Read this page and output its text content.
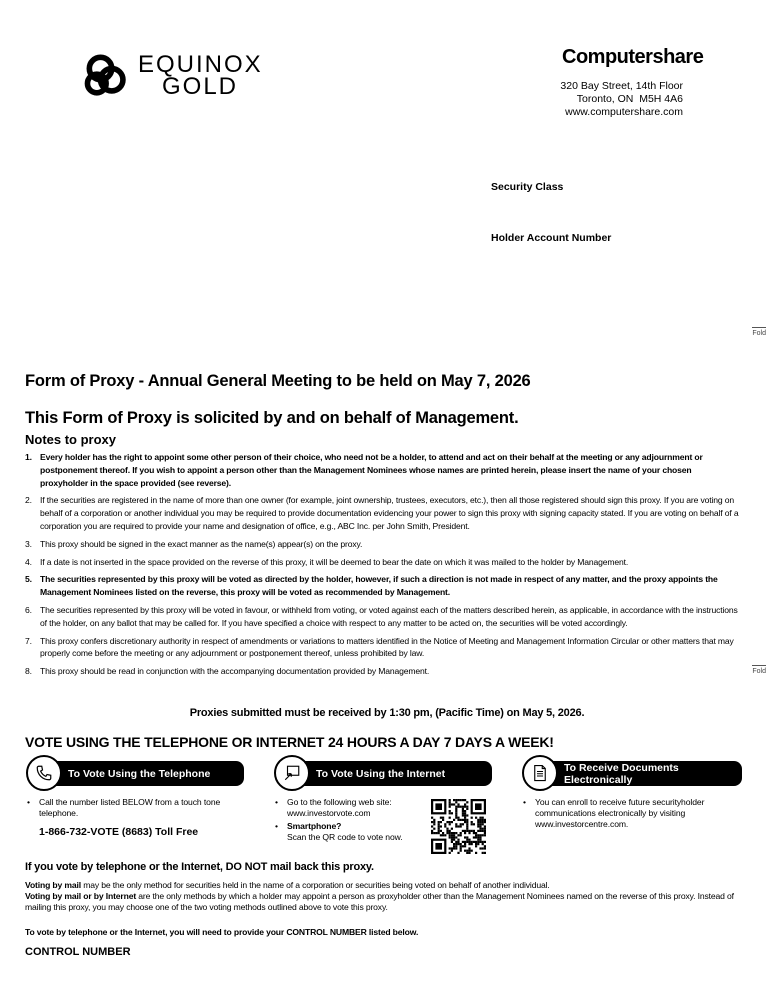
EQUINOX
GOLD
Computershare
320 Bay Street, 14th Floor
Toronto, ON  M5H 4A6
www.computershare.com
Security Class
Holder Account Number
Fold
Fold
Form of Proxy - Annual General Meeting to be held on May 7, 2026
This Form of Proxy is solicited by and on behalf of Management.
Notes to proxy
1. Every holder has the right to appoint some other person of their choice, who need not be a holder, to attend and act on their behalf at the meeting or any adjournment or postponement thereof. If you wish to appoint a person other than the Management Nominees whose names are printed herein, please insert the name of your chosen proxyholder in the space provided (see reverse).
2. If the securities are registered in the name of more than one owner (for example, joint ownership, trustees, executors, etc.), then all those registered should sign this proxy. If you are voting on behalf of a corporation or another individual you may be required to provide documentation evidencing your power to sign this proxy with signing capacity stated. If you are voting on behalf of a corporation you are required to provide your name and designation of office, e.g., ABC Inc. per John Smith, President.
3. This proxy should be signed in the exact manner as the name(s) appear(s) on the proxy.
4. If a date is not inserted in the space provided on the reverse of this proxy, it will be deemed to bear the date on which it was mailed to the holder by Management.
5. The securities represented by this proxy will be voted as directed by the holder, however, if such a direction is not made in respect of any matter, and the proxy appoints the Management Nominees listed on the reverse, this proxy will be voted as recommended by Management.
6. The securities represented by this proxy will be voted in favour, or withheld from voting, or voted against each of the matters described herein, as applicable, in accordance with the instructions of the holder, on any ballot that may be called for. If you have specified a choice with respect to any matter to be acted on, the securities will be voted accordingly.
7. This proxy confers discretionary authority in respect of amendments or variations to matters identified in the Notice of Meeting and Management Information Circular or other matters that may properly come before the meeting or any adjournment or postponement thereof, unless prohibited by law.
8. This proxy should be read in conjunction with the accompanying documentation provided by Management.
Proxies submitted must be received by 1:30 pm, (Pacific Time) on May 5, 2026.
VOTE USING THE TELEPHONE OR INTERNET 24 HOURS A DAY 7 DAYS A WEEK!
To Vote Using the Telephone
• Call the number listed BELOW from a touch tone telephone.
1-866-732-VOTE (8683) Toll Free
To Vote Using the Internet
• Go to the following web site:
www.investorvote.com
• Smartphone?
Scan the QR code to vote now.
To Receive Documents Electronically
• You can enroll to receive future securityholder communications electronically by visiting www.investorcentre.com.
If you vote by telephone or the Internet, DO NOT mail back this proxy.
Voting by mail may be the only method for securities held in the name of a corporation or securities being voted on behalf of another individual.
Voting by mail or by Internet are the only methods by which a holder may appoint a person as proxyholder other than the Management Nominees named on the reverse of this proxy. Instead of mailing this proxy, you may choose one of the two voting methods outlined above to vote this proxy.
To vote by telephone or the Internet, you will need to provide your CONTROL NUMBER listed below.
CONTROL NUMBER
